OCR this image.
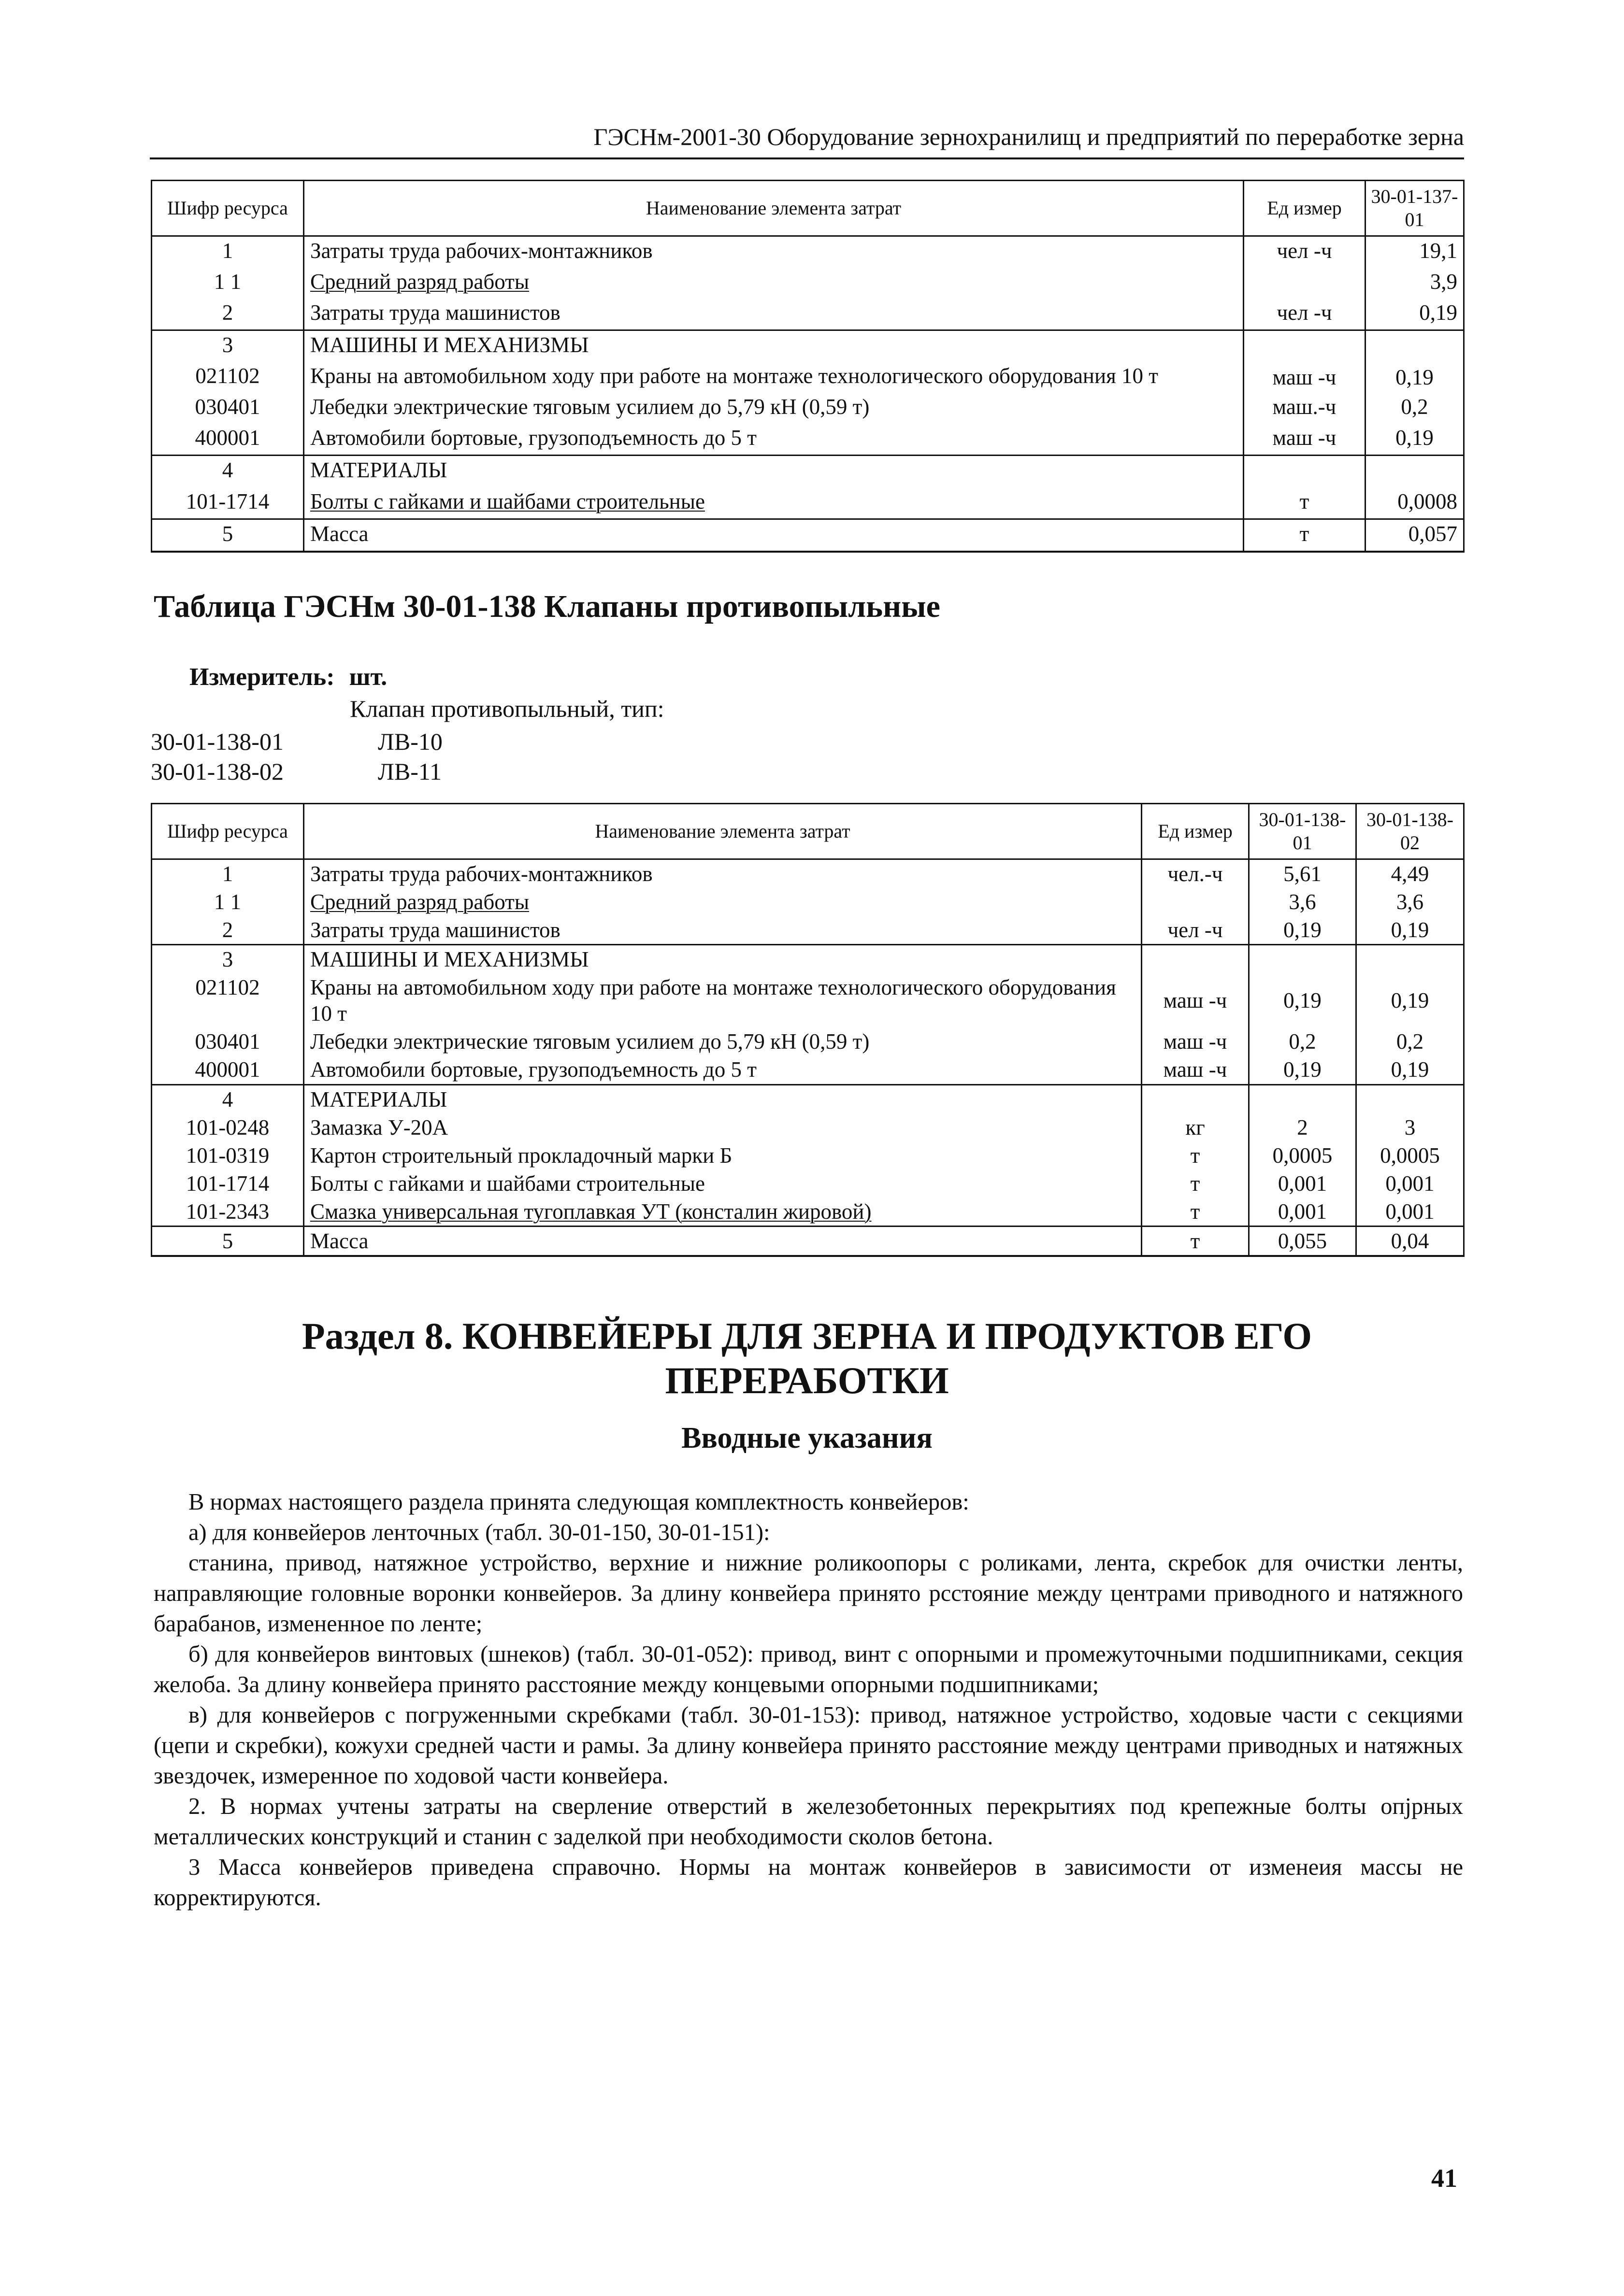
ГЭСНм-2001-30 Оборудование зернохранилищ и предприятий по переработке зерна
Шифр ресурса	Наименование элемента затрат	Ед измер	30-01-137-01
1	Затраты труда рабочих-монтажников	чел -ч	19,1
1 1	Средний разряд работы		3,9
2	Затраты труда машинистов	чел -ч	0,19
3	МАШИНЫ И МЕХАНИЗМЫ		
021102	Краны на автомобильном ходу при работе на монтаже технологического оборудования 10 т	маш -ч	0,19
030401	Лебедки электрические тяговым усилием до 5,79 кН (0,59 т)	маш.-ч	0,2
400001	Автомобили бортовые, грузоподъемность до 5 т	маш -ч	0,19
4	МАТЕРИАЛЫ		
101-1714	Болты с гайками и шайбами строительные	т	0,0008
5	Масса	т	0,057
Таблица ГЭСНм 30-01-138 Клапаны противопыльные
Измеритель: шт.
Клапан противопыльный, тип:
30-01-138-01	ЛВ-10
30-01-138-02	ЛВ-11
Шифр ресурса	Наименование элемента затрат	Ед измер	30-01-138-01	30-01-138-02
1	Затраты труда рабочих-монтажников	чел.-ч	5,61	4,49
1 1	Средний разряд работы		3,6	3,6
2	Затраты труда машинистов	чел -ч	0,19	0,19
3	МАШИНЫ И МЕХАНИЗМЫ			
021102	Краны на автомобильном ходу при работе на монтаже технологического оборудования 10 т	маш -ч	0,19	0,19
030401	Лебедки электрические тяговым усилием до 5,79 кН (0,59 т)	маш -ч	0,2	0,2
400001	Автомобили бортовые, грузоподъемность до 5 т	маш -ч	0,19	0,19
4	МАТЕРИАЛЫ			
101-0248	Замазка У-20А	кг	2	3
101-0319	Картон строительный прокладочный марки Б	т	0,0005	0,0005
101-1714	Болты с гайками и шайбами строительные	т	0,001	0,001
101-2343	Смазка универсальная тугоплавкая УТ (консталин жировой)	т	0,001	0,001
5	Масса	т	0,055	0,04
Раздел 8. КОНВЕЙЕРЫ ДЛЯ ЗЕРНА И ПРОДУКТОВ ЕГО
ПЕРЕРАБОТКИ
Вводные указания

В нормах настоящего раздела принята следующая комплектность конвейеров:

а) для конвейеров ленточных (табл. 30-01-150, 30-01-151):

станина, привод, натяжное устройство, верхние и нижние роликоопоры с роликами, лента, скребок для очистки ленты, направляющие головные воронки конвейеров. За длину конвейера принято рсстояние между центрами приводного и натяжного барабанов, измененное по ленте;

б) для конвейеров винтовых (шнеков) (табл. 30-01-052): привод, винт с опорными и промежуточными подшипниками, секция желоба. За длину конвейера принято расстояние между концевыми опорными подшипниками;

в) для конвейеров с погруженными скребками (табл. 30-01-153): привод, натяжное устройство, ходовые части с секциями (цепи и скребки), кожухи средней части и рамы. За длину конвейера принято расстояние между центрами приводных и натяжных звездочек, измеренное по ходовой части конвейера.

2. В нормах учтены затраты на сверление отверстий в железобетонных перекрытиях под крепежные болты опjрных металлических конструкций и станин с заделкой при необходимости сколов бетона.

3 Масса конвейеров приведена справочно. Нормы на монтаж конвейеров в зависимости от изменеия массы не корректируются.

41
